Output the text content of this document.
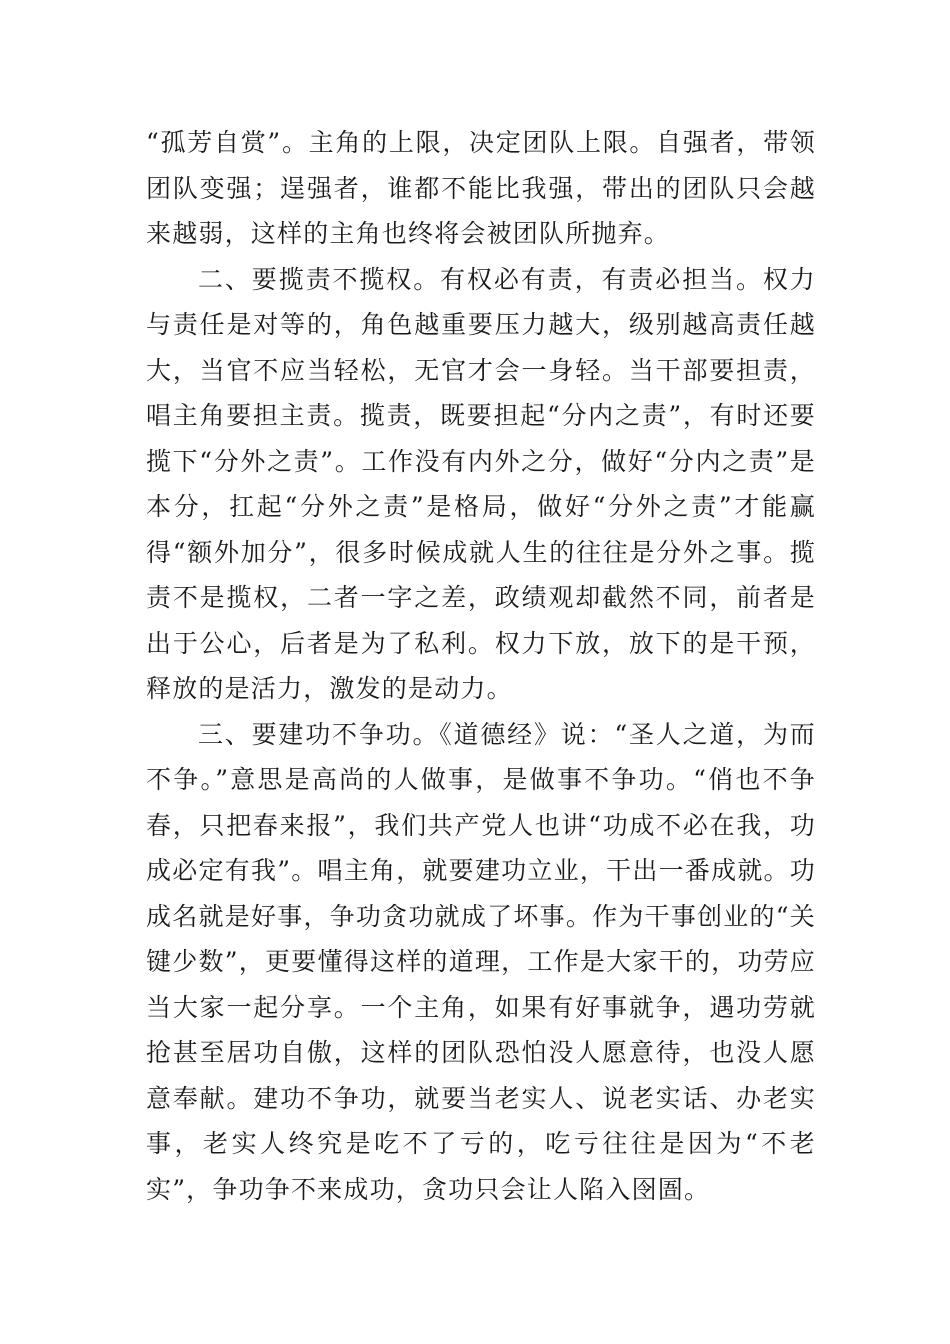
“孤芳自赏”。主角的上限，决定团队上限。自强者，带领团队变强；逞强者，谁都不能比我强，带出的团队只会越来越弱，这样的主角也终将会被团队所抛弃。

二、要揽责不揽权。有权必有责，有责必担当。权力与责任是对等的，角色越重要压力越大，级别越高责任越大，当官不应当轻松，无官才会一身轻。当干部要担责，唱主角要担主责。揽责，既要担起“分内之责”，有时还要揽下“分外之责”。工作没有内外之分，做好“分内之责”是本分，扛起“分外之责”是格局，做好“分外之责”才能赢得“额外加分”，很多时候成就人生的往往是分外之事。揽责不是揽权，二者一字之差，政绩观却截然不同，前者是出于公心，后者是为了私利。权力下放，放下的是干预，释放的是活力，激发的是动力。

三、要建功不争功。《道德经》说：“圣人之道，为而不争。”意思是高尚的人做事，是做事不争功。“俏也不争春，只把春来报”，我们共产党人也讲“功成不必在我，功成必定有我”。唱主角，就要建功立业，干出一番成就。功成名就是好事，争功贪功就成了坏事。作为干事创业的“关键少数”，更要懂得这样的道理，工作是大家干的，功劳应当大家一起分享。一个主角，如果有好事就争，遇功劳就抢甚至居功自傲，这样的团队恐怕没人愿意待，也没人愿意奉献。建功不争功，就要当老实人、说老实话、办老实事，老实人终究是吃不了亏的，吃亏往往是因为“不老实”，争功争不来成功，贪功只会让人陷入囹圄。
